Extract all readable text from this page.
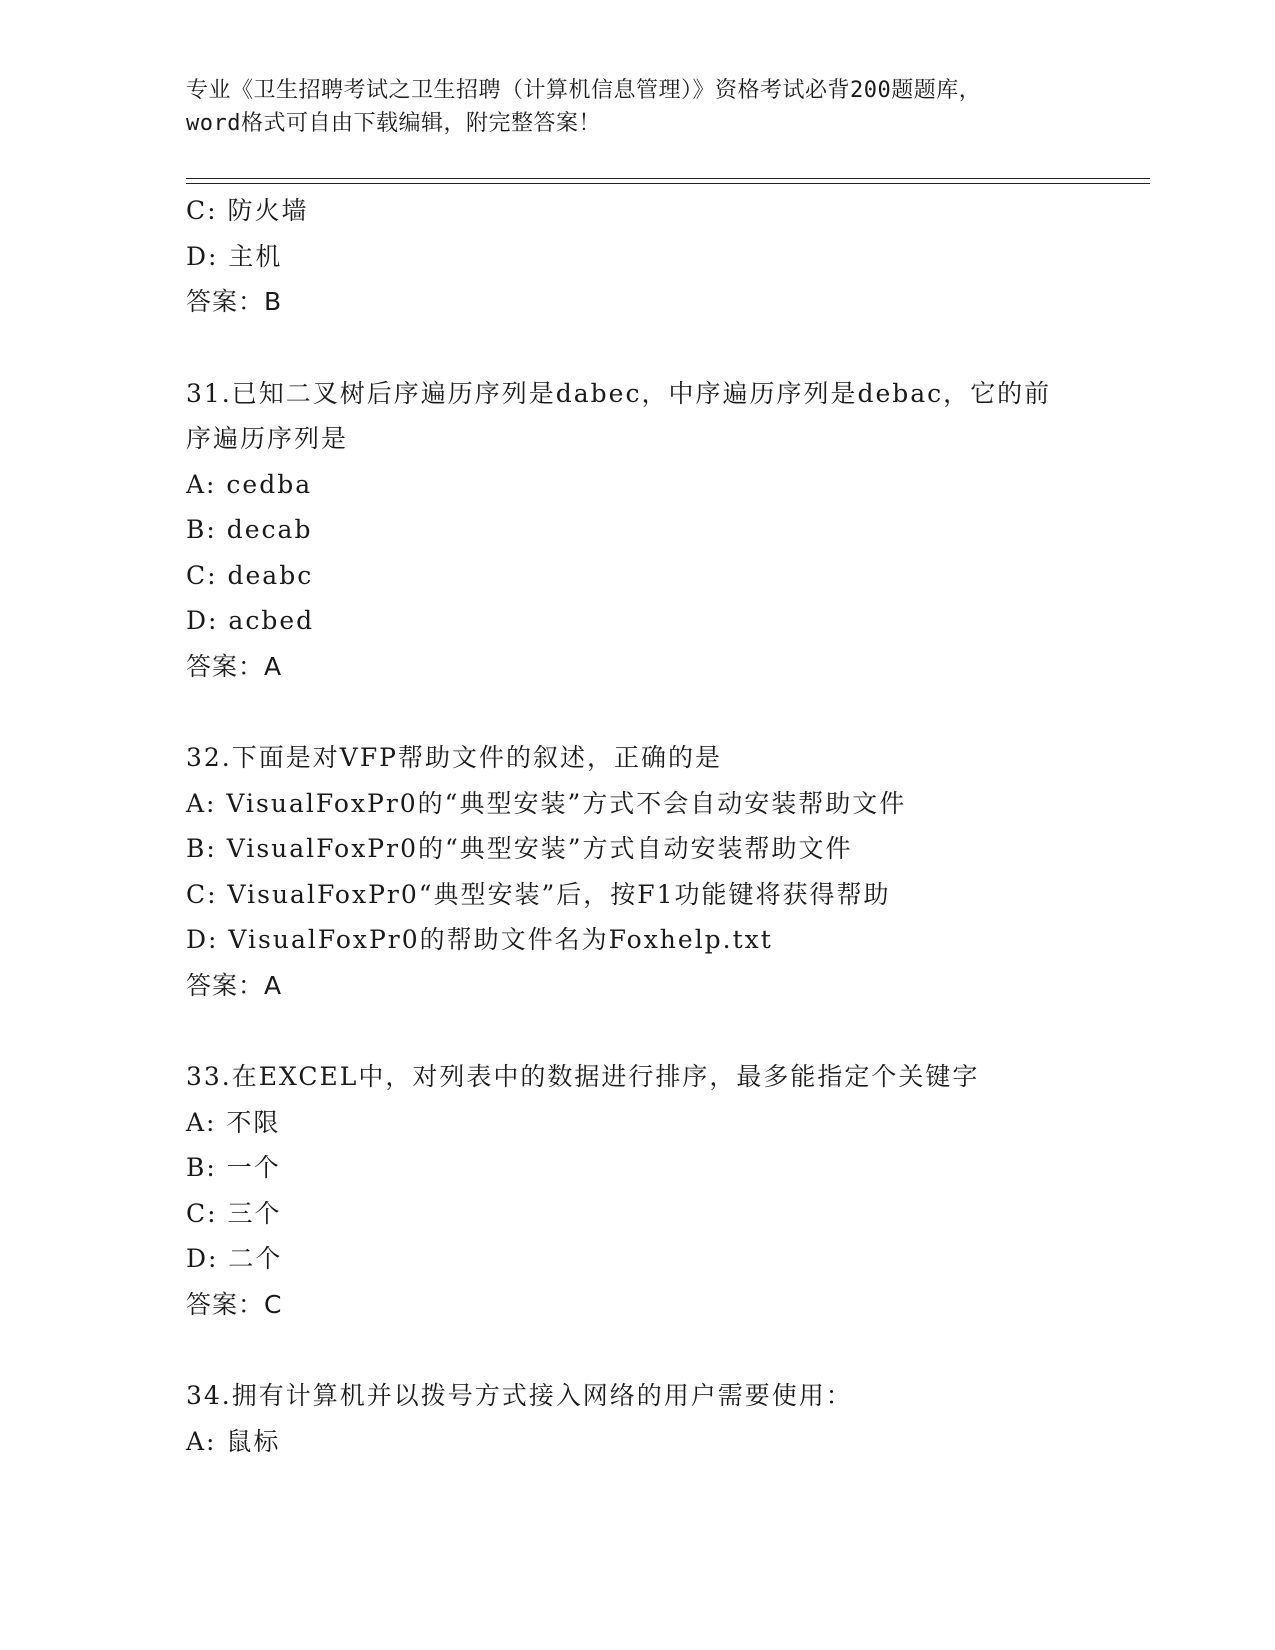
专业《卫生招聘考试之卫生招聘（计算机信息管理）》资格考试必背200题题库，
word格式可自由下载编辑，附完整答案！
C: 防火墙
D: 主机
答案：B
31.已知二叉树后序遍历序列是dabec，中序遍历序列是debac，它的前序遍历序列是
A: cedba
B: decab
C: deabc
D: acbed
答案：A
32.下面是对VFP帮助文件的叙述，正确的是
A: VisualFoxPr0的“典型安装”方式不会自动安装帮助文件
B: VisualFoxPr0的“典型安装”方式自动安装帮助文件
C: VisualFoxPr0“典型安装”后，按F1功能键将获得帮助
D: VisualFoxPr0的帮助文件名为Foxhelp.txt
答案：A
33.在EXCEL中，对列表中的数据进行排序，最多能指定个关键字
A: 不限
B: 一个
C: 三个
D: 二个
答案：C
34.拥有计算机并以拨号方式接入网络的用户需要使用：
A: 鼠标
